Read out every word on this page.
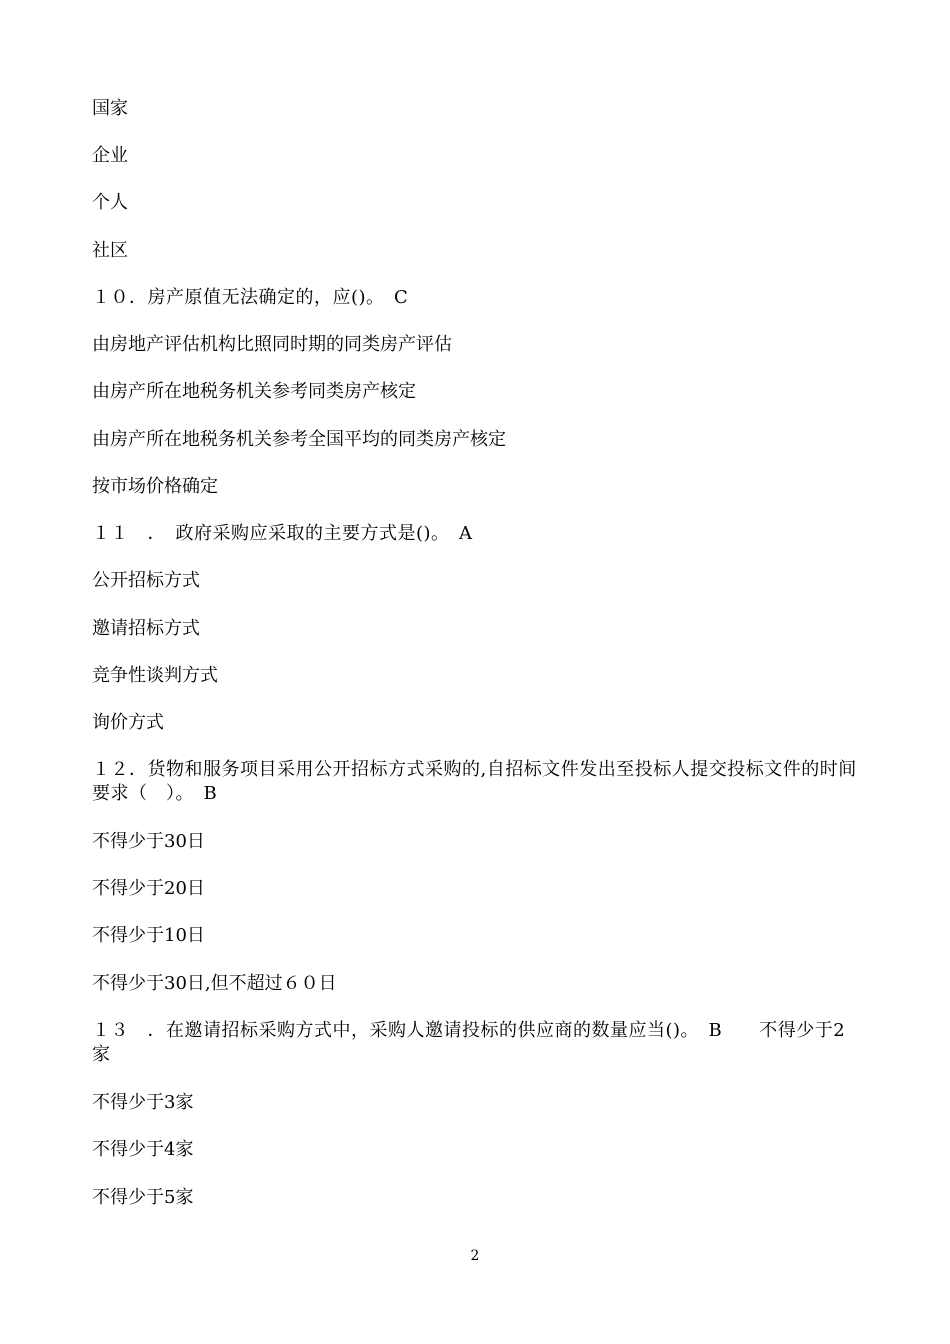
国家
企业
个人
社区
１０．房产原值无法确定的，应()。　C
由房地产评估机构比照同时期的同类房产评估
由房产所在地税务机关参考同类房产核定
由房产所在地税务机关参考全国平均的同类房产核定
按市场价格确定
１１　．　政府采购应采取的主要方式是()。　A
公开招标方式
邀请招标方式
竞争性谈判方式
询价方式
１２．货物和服务项目采用公开招标方式采购的,自招标文件发出至投标人提交投标文件的时间要求（　）。　B
不得少于30日
不得少于20日
不得少于10日
不得少于30日,但不超过６０日
１３　．在邀请招标采购方式中，采购人邀请投标的供应商的数量应当()。　B　　不得少于2家
不得少于3家
不得少于4家
不得少于5家
2
